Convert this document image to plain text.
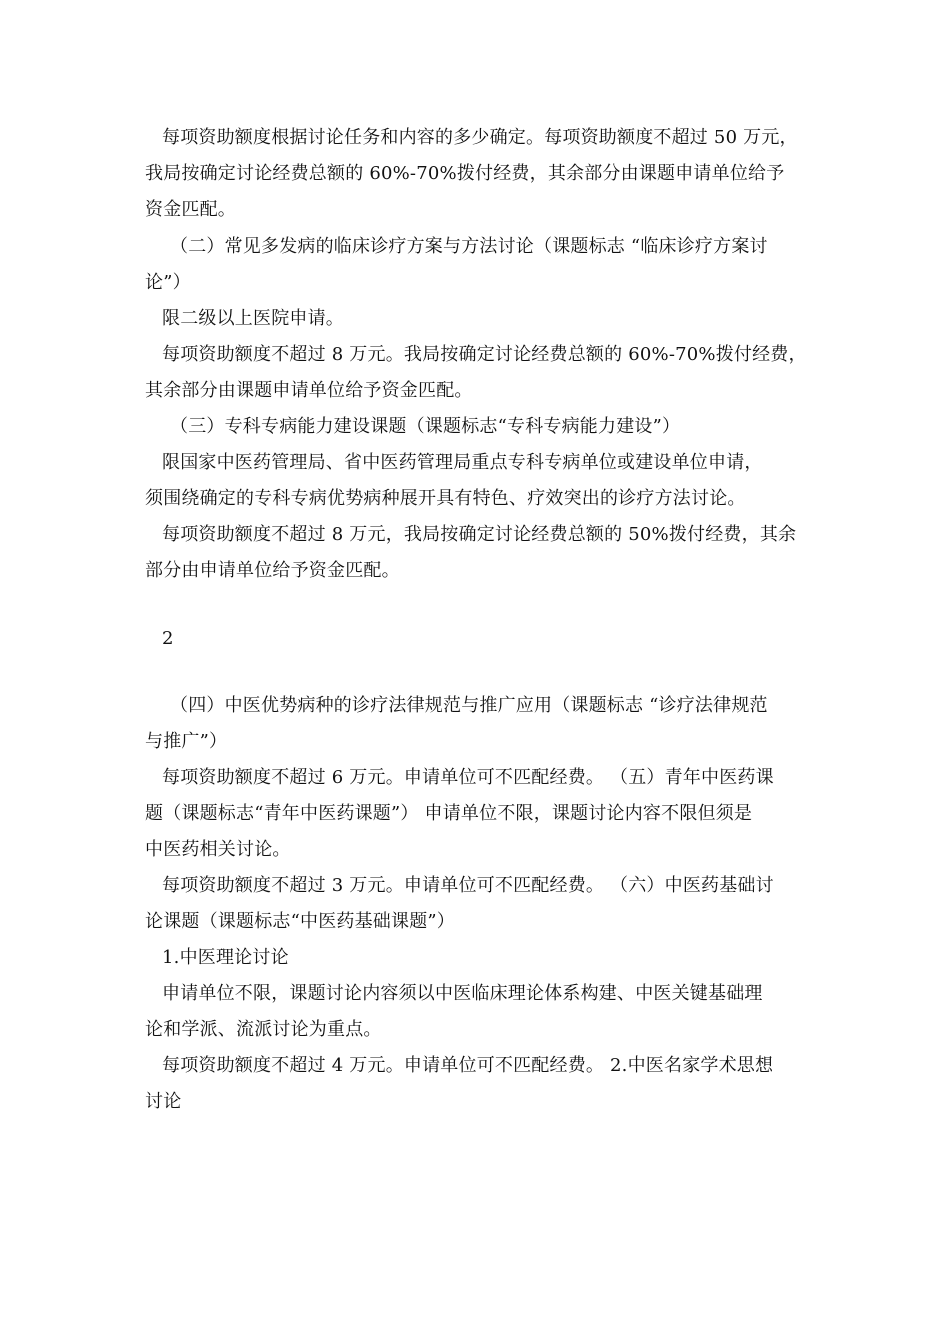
每项资助额度根据讨论任务和内容的多少确定。每项资助额度不超过 50 万元，
我局按确定讨论经费总额的 60%-70%拨付经费，其余部分由课题申请单位给予
资金匹配。
（二）常见多发病的临床诊疗方案与方法讨论（课题标志 “临床诊疗方案讨
论”）
限二级以上医院申请。
每项资助额度不超过 8 万元。我局按确定讨论经费总额的 60%-70%拨付经费，
其余部分由课题申请单位给予资金匹配。
（三）专科专病能力建设课题（课题标志“专科专病能力建设”）
限国家中医药管理局、省中医药管理局重点专科专病单位或建设单位申请，
须围绕确定的专科专病优势病种展开具有特色、疗效突出的诊疗方法讨论。
每项资助额度不超过 8 万元，我局按确定讨论经费总额的 50%拨付经费，其余
部分由申请单位给予资金匹配。
2
（四）中医优势病种的诊疗法律规范与推广应用（课题标志 “诊疗法律规范
与推广”）
每项资助额度不超过 6 万元。申请单位可不匹配经费。 （五）青年中医药课
题（课题标志“青年中医药课题”） 申请单位不限，课题讨论内容不限但须是
中医药相关讨论。
每项资助额度不超过 3 万元。申请单位可不匹配经费。 （六）中医药基础讨
论课题（课题标志“中医药基础课题”）
1.中医理论讨论
申请单位不限，课题讨论内容须以中医临床理论体系构建、中医关键基础理
论和学派、流派讨论为重点。
每项资助额度不超过 4 万元。申请单位可不匹配经费。 2.中医名家学术思想
讨论
